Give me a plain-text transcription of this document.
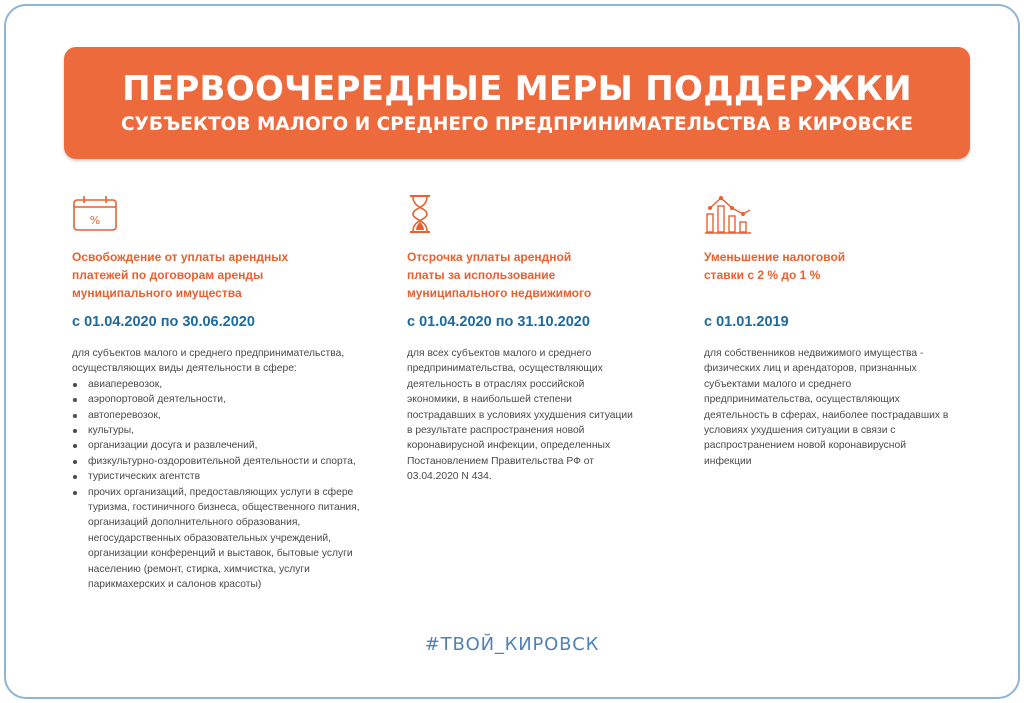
ПЕРВООЧЕРЕДНЫЕ МЕРЫ ПОДДЕРЖКИ
СУБЪЕКТОВ МАЛОГО И СРЕДНЕГО ПРЕДПРИНИМАТЕЛЬСТВА В КИРОВСКЕ
%
Освобождение от уплаты арендных
платежей по договорам аренды
муниципального имущества
с 01.04.2020 по 30.06.2020
для субъектов малого и среднего предпринимательства,
осуществляющих виды деятельности в сфере:
авиаперевозок,
аэропортовой деятельности,
автоперевозок,
культуры,
организации досуга и развлечений,
физкультурно-оздоровительной деятельности и спорта,
туристических агентств
прочих организаций, предоставляющих услуги в сфере
туризма, гостиничного бизнеса, общественного питания,
организаций дополнительного образования,
негосударственных образовательных учреждений,
организации конференций и выставок, бытовые услуги
населению (ремонт, стирка, химчистка, услуги
парикмахерских и салонов красоты)
Отсрочка уплаты арендной
платы за использование
муниципального недвижимого
с 01.04.2020 по 31.10.2020
для всех субъектов малого и среднего
предпринимательства, осуществляющих
деятельность в отраслях российской
экономики, в наибольшей степени
пострадавших в условиях ухудшения ситуации
в результате распространения новой
коронавирусной инфекции, определенных
Постановлением Правительства РФ от
03.04.2020 N 434.
Уменьшение налоговой
ставки с 2 % до 1 %
с 01.01.2019
для собственников недвижимого имущества -
физических лиц и арендаторов, признанных
субъектами малого и среднего
предпринимательства, осуществляющих
деятельность в сферах, наиболее пострадавших в
условиях ухудшения ситуации в связи с
распространением новой коронавирусной
инфекции
#ТВОЙ_КИРОВСК
